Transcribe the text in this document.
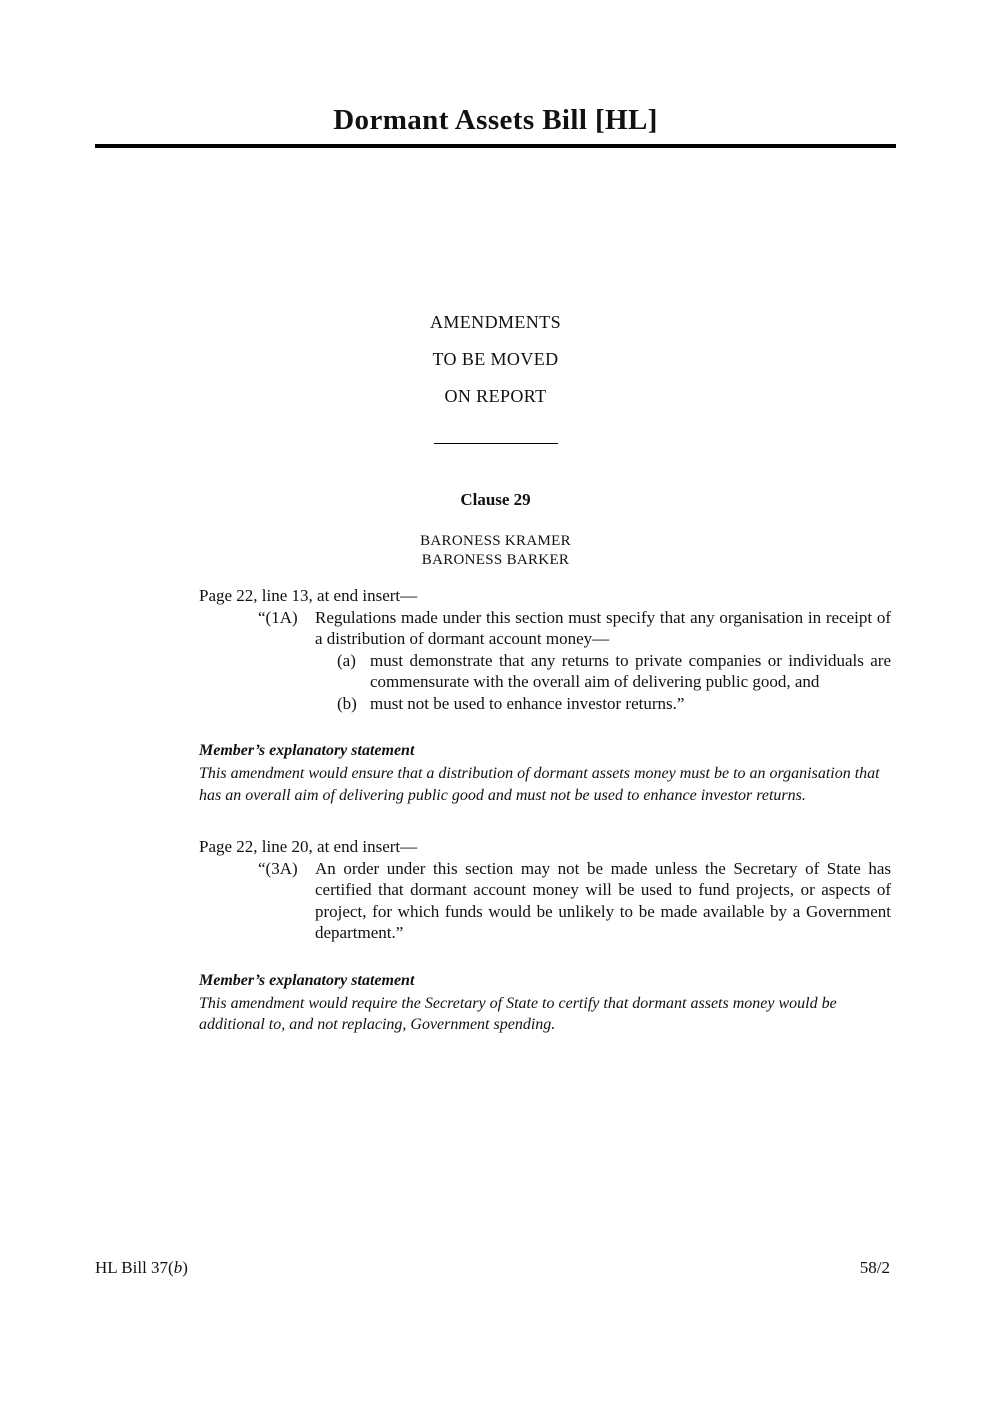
Dormant Assets Bill [HL]
AMENDMENTS
TO BE MOVED
ON REPORT
Clause 29
BARONESS KRAMER
BARONESS BARKER
Page 22, line 13, at end insert—
“(1A)	Regulations made under this section must specify that any organisation in receipt of a distribution of dormant account money—
(a) must demonstrate that any returns to private companies or individuals are commensurate with the overall aim of delivering public good, and
(b) must not be used to enhance investor returns.”
Member’s explanatory statement
This amendment would ensure that a distribution of dormant assets money must be to an organisation that has an overall aim of delivering public good and must not be used to enhance investor returns.
Page 22, line 20, at end insert—
“(3A)	An order under this section may not be made unless the Secretary of State has certified that dormant account money will be used to fund projects, or aspects of project, for which funds would be unlikely to be made available by a Government department.”
Member’s explanatory statement
This amendment would require the Secretary of State to certify that dormant assets money would be additional to, and not replacing, Government spending.
HL Bill 37(b)	58/2
